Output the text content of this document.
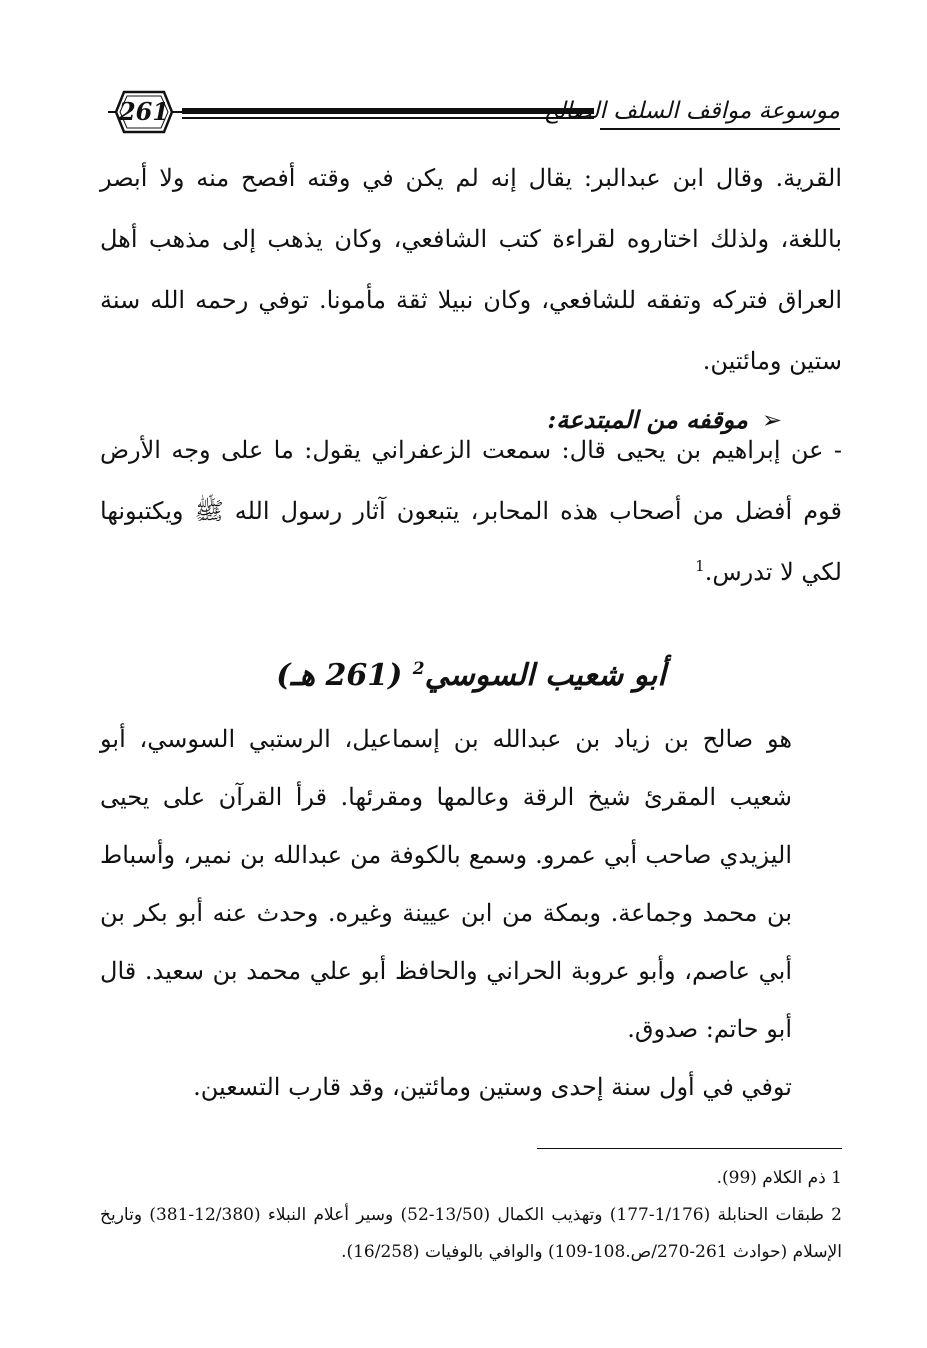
261	موسوعة مواقف السلف الصالح

القرية. وقال ابن عبدالبر: يقال إنه لم يكن في وقته أفصح منه ولا أبصر باللغة، ولذلك اختاروه لقراءة كتب الشافعي، وكان يذهب إلى مذهب أهل العراق فتركه وتفقه للشافعي، وكان نبيلا ثقة مأمونا. توفي رحمه الله سنة ستين ومائتين.

➢موقفه من المبتدعة:

- عن إبراهيم بن يحيى قال: سمعت الزعفراني يقول: ما على وجه الأرض قوم أفضل من أصحاب هذه المحابر، يتبعون آثار رسول الله ﷺ ويكتبونها لكي لا تدرس.$^1$

أبو شعيب السوسي$^2$ (261 هـ)

هو صالح بن زياد بن عبدالله بن إسماعيل، الرستبي السوسي، أبو شعيب المقرئ شيخ الرقة وعالمها ومقرئها. قرأ القرآن على يحيى اليزيدي صاحب أبي عمرو. وسمع بالكوفة من عبدالله بن نمير، وأسباط بن محمد وجماعة. وبمكة من ابن عيينة وغيره. وحدث عنه أبو بكر بن أبي عاصم، وأبو عروبة الحراني والحافظ أبو علي محمد بن سعيد. قال أبو حاتم: صدوق.

توفي في أول سنة إحدى وستين ومائتين، وقد قارب التسعين.

1 ذم الكلام (99).

2 طبقات الحنابلة (1/176-177) وتهذيب الكمال (13/50-52) وسير أعلام النبلاء (12/380-381) وتاريخ الإسلام (حوادث 261-270/ص.108-109) والوافي بالوفيات (16/258).
